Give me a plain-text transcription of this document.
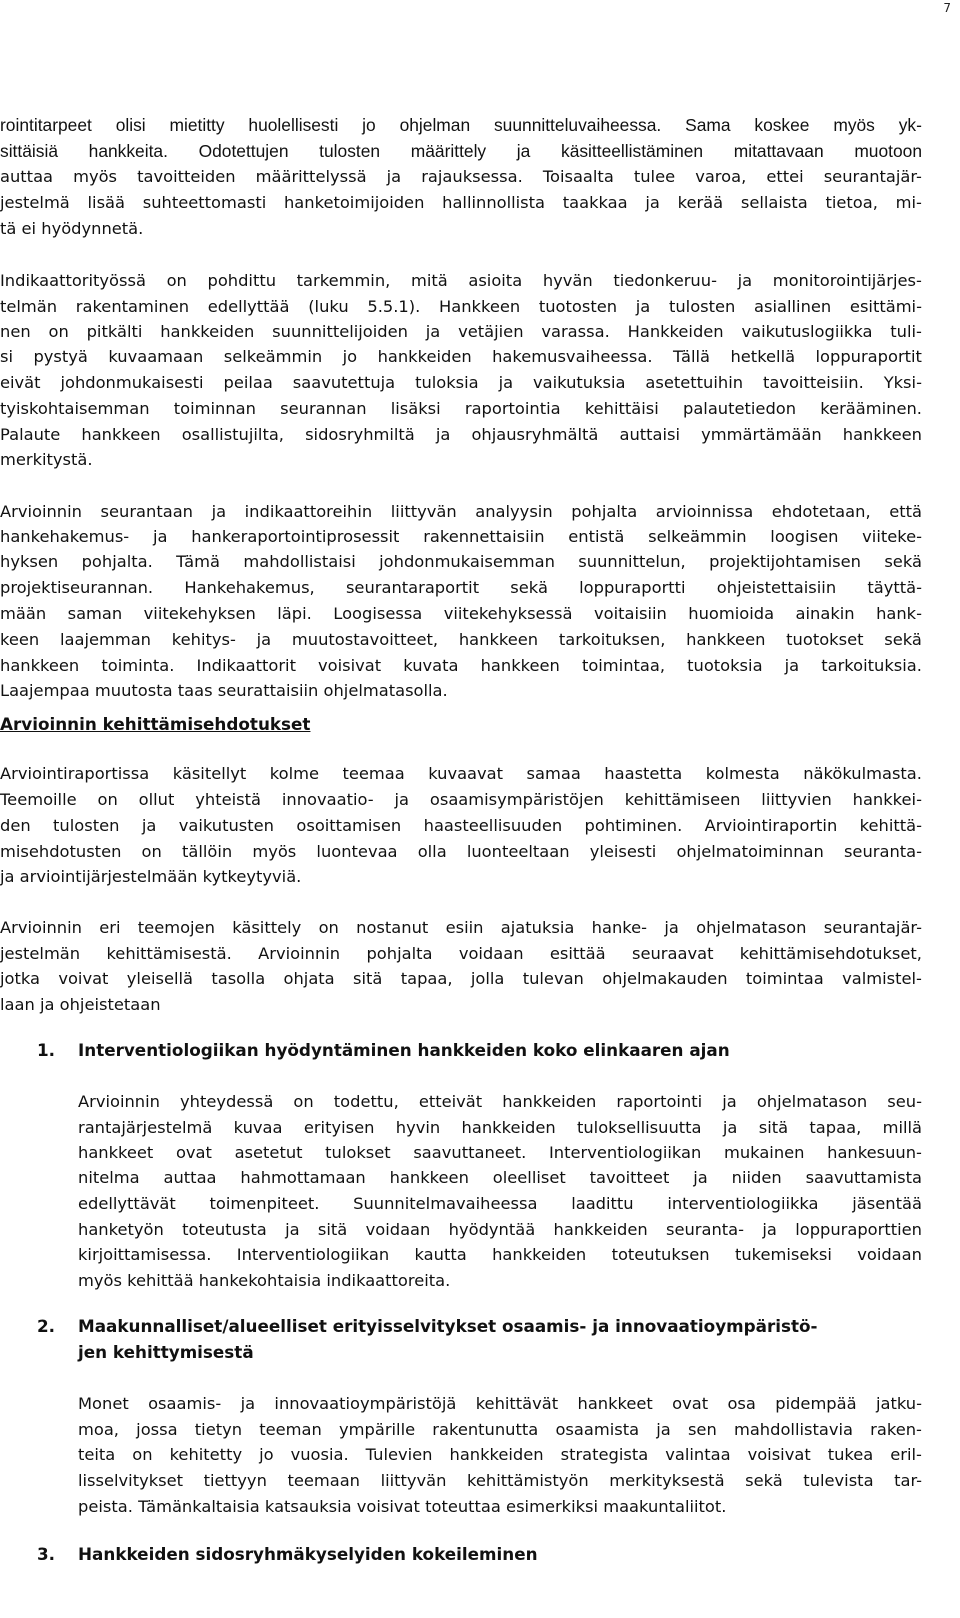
7
rointitarpeet olisi mietitty huolellisesti jo ohjelman suunnitteluvaiheessa. Sama koskee myös yk-
sittäisiä hankkeita. Odotettujen tulosten määrittely ja käsitteellistäminen mitattavaan muotoon
auttaa myös tavoitteiden määrittelyssä ja rajauksessa. Toisaalta tulee varoa, ettei seurantajär-
jestelmä lisää suhteettomasti hanketoimijoiden hallinnollista taakkaa ja kerää sellaista tietoa, mi-
tä ei hyödynnetä.
Indikaattorityössä on pohdittu tarkemmin, mitä asioita hyvän tiedonkeruu- ja monitorointijärjes-
telmän rakentaminen edellyttää (luku 5.5.1). Hankkeen tuotosten ja tulosten asiallinen esittämi-
nen on pitkälti hankkeiden suunnittelijoiden ja vetäjien varassa. Hankkeiden vaikutuslogiikka tuli-
si pystyä kuvaamaan selkeämmin jo hankkeiden hakemusvaiheessa. Tällä hetkellä loppuraportit
eivät johdonmukaisesti peilaa saavutettuja tuloksia ja vaikutuksia asetettuihin tavoitteisiin. Yksi-
tyiskohtaisemman toiminnan seurannan lisäksi raportointia kehittäisi palautetiedon kerääminen.
Palaute hankkeen osallistujilta, sidosryhmiltä ja ohjausryhmältä auttaisi ymmärtämään hankkeen
merkitystä.
Arvioinnin seurantaan ja indikaattoreihin liittyvän analyysin pohjalta arvioinnissa ehdotetaan, että
hankehakemus- ja hankeraportointiprosessit rakennettaisiin entistä selkeämmin loogisen viiteke-
hyksen pohjalta. Tämä mahdollistaisi johdonmukaisemman suunnittelun, projektijohtamisen sekä
projektiseurannan. Hankehakemus, seurantaraportit sekä loppuraportti ohjeistettaisiin täyttä-
mään saman viitekehyksen läpi. Loogisessa viitekehyksessä voitaisiin huomioida ainakin hank-
keen laajemman kehitys- ja muutostavoitteet, hankkeen tarkoituksen, hankkeen tuotokset sekä
hankkeen toiminta. Indikaattorit voisivat kuvata hankkeen toimintaa, tuotoksia ja tarkoituksia.
Laajempaa muutosta taas seurattaisiin ohjelmatasolla.
Arvioinnin kehittämisehdotukset
Arviointiraportissa käsitellyt kolme teemaa kuvaavat samaa haastetta kolmesta näkökulmasta.
Teemoille on ollut yhteistä innovaatio- ja osaamisympäristöjen kehittämiseen liittyvien hankkei-
den tulosten ja vaikutusten osoittamisen haasteellisuuden pohtiminen. Arviointiraportin kehittä-
misehdotusten on tällöin myös luontevaa olla luonteeltaan yleisesti ohjelmatoiminnan seuranta-
ja arviointijärjestelmään kytkeytyviä.
Arvioinnin eri teemojen käsittely on nostanut esiin ajatuksia hanke- ja ohjelmatason seurantajär-
jestelmän kehittämisestä. Arvioinnin pohjalta voidaan esittää seuraavat kehittämisehdotukset,
jotka voivat yleisellä tasolla ohjata sitä tapaa, jolla tulevan ohjelmakauden toimintaa valmistel-
laan ja ohjeistetaan
1. Interventiologiikan hyödyntäminen hankkeiden koko elinkaaren ajan
Arvioinnin yhteydessä on todettu, etteivät hankkeiden raportointi ja ohjelmatason seu-
rantajärjestelmä kuvaa erityisen hyvin hankkeiden tuloksellisuutta ja sitä tapaa, millä
hankkeet ovat asetetut tulokset saavuttaneet. Interventiologiikan mukainen hankesuun-
nitelma auttaa hahmottamaan hankkeen oleelliset tavoitteet ja niiden saavuttamista
edellyttävät toimenpiteet. Suunnitelmavaiheessa laadittu interventiologiikka jäsentää
hanketyön toteutusta ja sitä voidaan hyödyntää hankkeiden seuranta- ja loppuraporttien
kirjoittamisessa. Interventiologiikan kautta hankkeiden toteutuksen tukemiseksi voidaan
myös kehittää hankekohtaisia indikaattoreita.
2. Maakunnalliset/alueelliset erityisselvitykset osaamis- ja innovaatioympäristö-
jen kehittymisestä
Monet osaamis- ja innovaatioympäristöjä kehittävät hankkeet ovat osa pidempää jatku-
moa, jossa tietyn teeman ympärille rakentunutta osaamista ja sen mahdollistavia raken-
teita on kehitetty jo vuosia. Tulevien hankkeiden strategista valintaa voisivat tukea eril-
lisselvitykset tiettyyn teemaan liittyvän kehittämistyön merkityksestä sekä tulevista tar-
peista. Tämänkaltaisia katsauksia voisivat toteuttaa esimerkiksi maakuntaliitot.
3. Hankkeiden sidosryhmäkyselyiden kokeileminen
